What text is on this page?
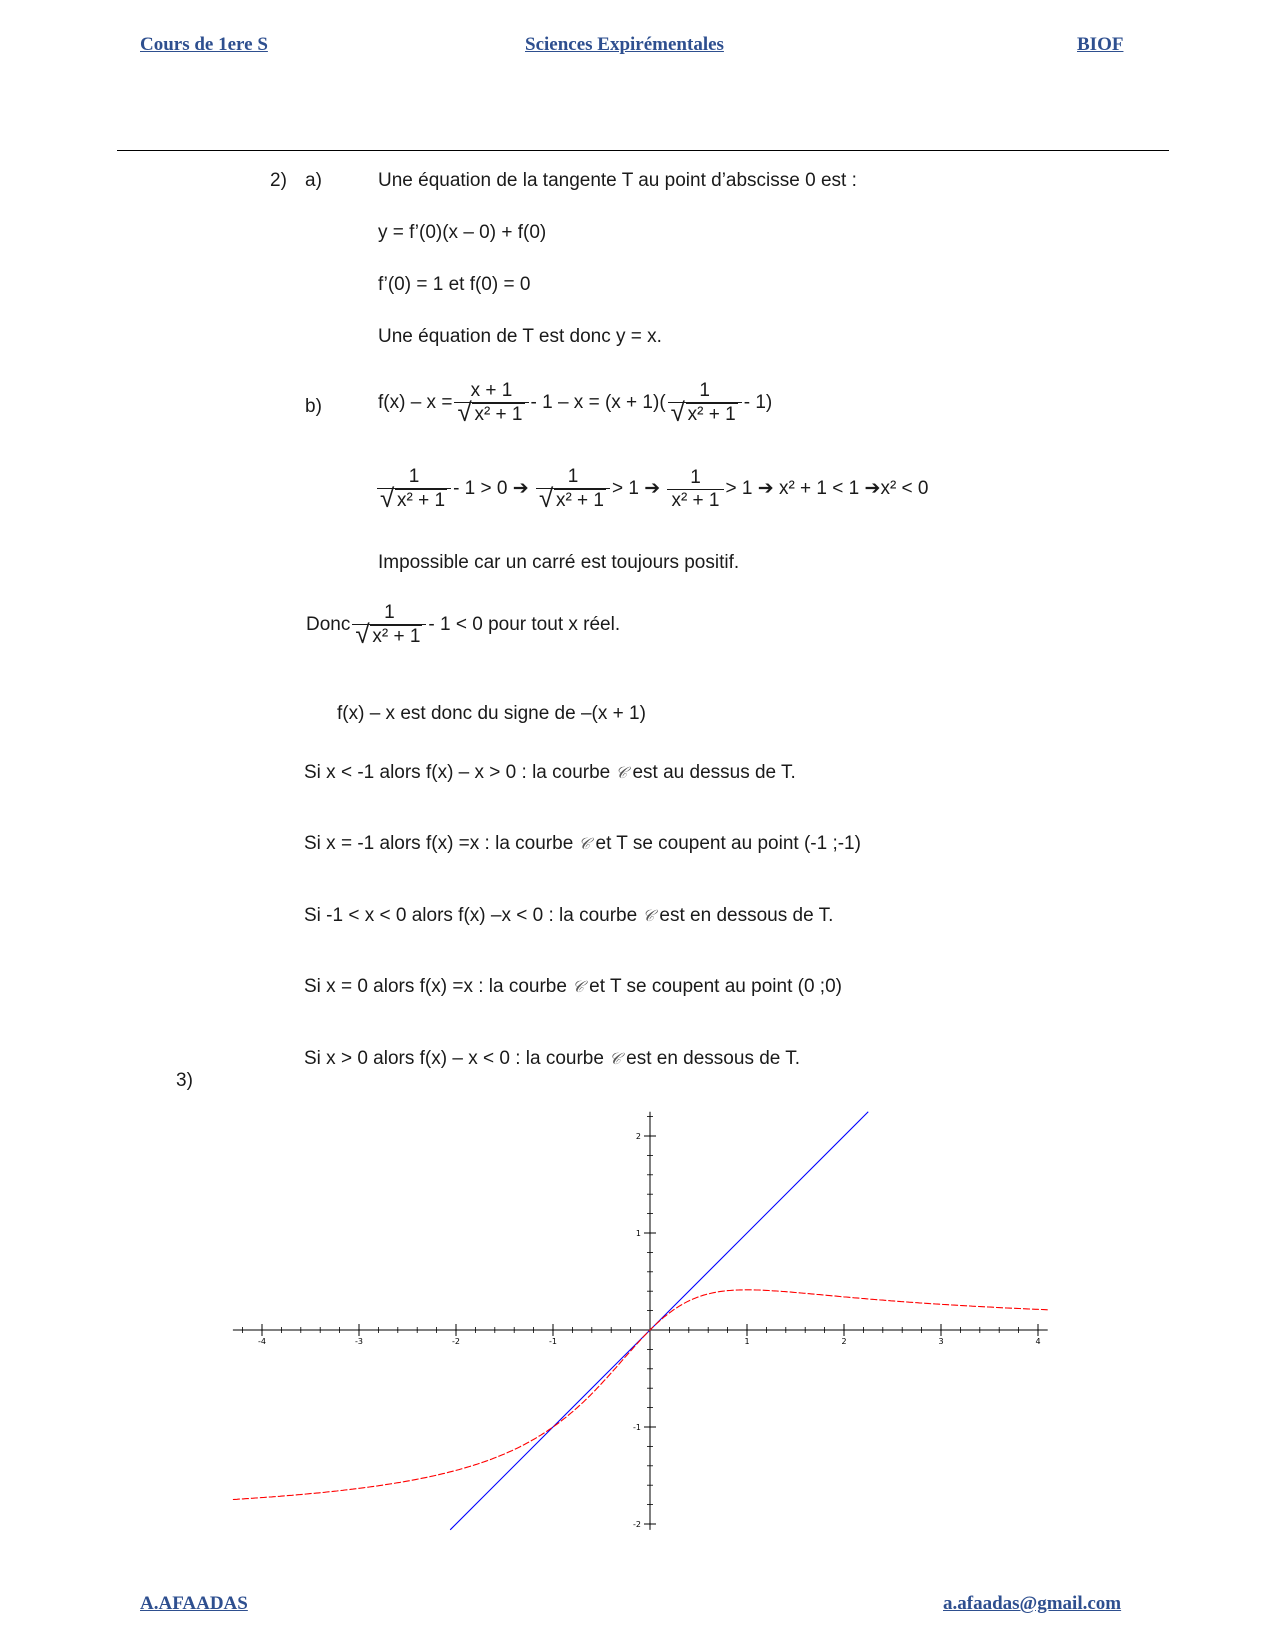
Cours de 1ere S	Sciences Expirémentales	BIOF
2) a)	Une équation de la tangente T au point d’abscisse 0 est :
y = f’(0)(x – 0) + f(0)
f’(0) = 1 et f(0) = 0
Une équation de T est donc y = x.
b)	$f(x) - x = \frac{x + 1}{\text{√ x² + 1}} - 1 - x = (x + 1)( \frac{1}{\text{√ x² + 1}} - 1)$
$\frac{1}{\text{√ x² + 1}} - 1 > 0$ ➔ $\frac{1}{\text{√ x² + 1}} > 1$ ➔ $\frac{1}{\text{x² + 1}} > 1$ ➔ x² + 1 < 1 ➔x² < 0
Impossible car un carré est toujours positif.
Donc $\frac{1}{\text{√ x² + 1}} - 1 < 0$ pour tout x réel.
f(x) – x est donc du signe de –(x + 1)
Si x < -1 alors f(x) – x > 0 : la courbe 𝒞 est au dessus de T.
Si x = -1 alors f(x) =x : la courbe 𝒞 et T se coupent au point (-1 ;-1)
Si -1 < x < 0 alors f(x) –x < 0 : la courbe 𝒞 est en dessous de T.
Si x = 0 alors f(x) =x : la courbe 𝒞 et T se coupent au point (0 ;0)
Si x > 0 alors f(x) – x < 0 : la courbe 𝒞 est en dessous de T.
3)
-4	-3	-2	-1	1	2	3	4
2
1
-1
-2
A.AFAADAS	a.afaadas@gmail.com
